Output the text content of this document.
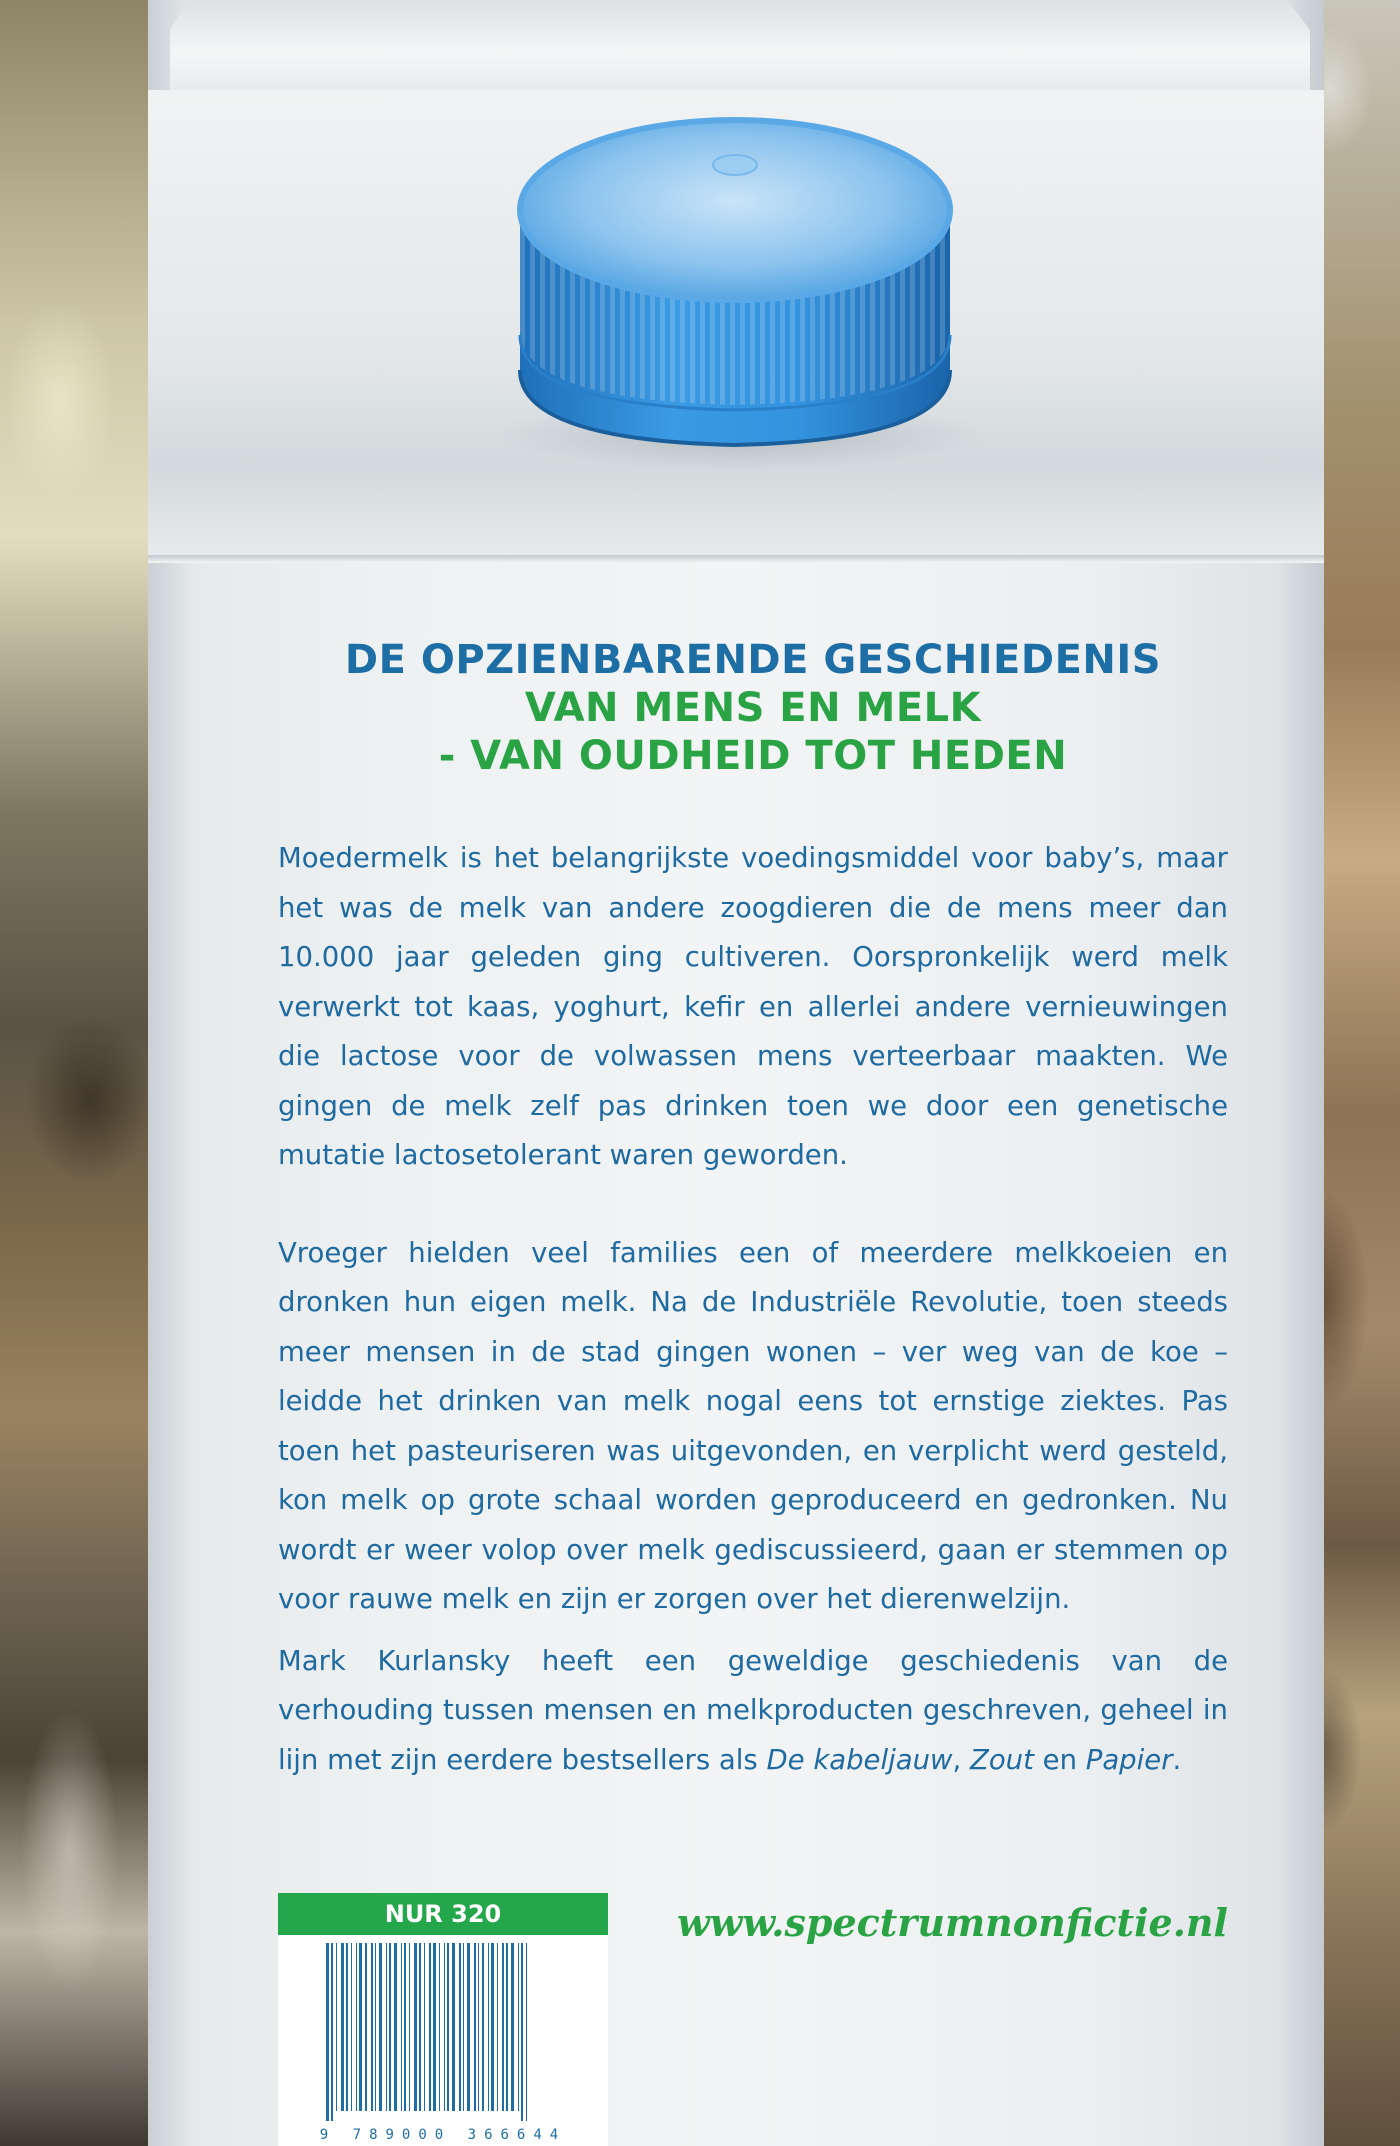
DE OPZIENBARENDE GESCHIEDENIS
VAN MENS EN MELK
- VAN OUDHEID TOT HEDEN

Moedermelk is het belangrijkste voedingsmiddel voor baby’s, maar het was de melk van andere zoogdieren die de mens meer dan 10.000 jaar geleden ging cultiveren. Oorspronkelijk werd melk verwerkt tot kaas, yoghurt, kefir en allerlei andere vernieuwingen die lactose voor de volwassen mens verteerbaar maakten. We gingen de melk zelf pas drinken toen we door een genetische mutatie lactosetolerant waren geworden.

Vroeger hielden veel families een of meerdere melkkoeien en dronken hun eigen melk. Na de Industriële Revolutie, toen steeds meer mensen in de stad gingen wonen – ver weg van de koe – leidde het drinken van melk nogal eens tot ernstige ziektes. Pas toen het pasteuriseren was uitgevonden, en verplicht werd gesteld, kon melk op grote schaal worden geproduceerd en gedronken. Nu wordt er weer volop over melk gediscussieerd, gaan er stemmen op voor rauwe melk en zijn er zorgen over het dierenwelzijn.

Mark Kurlansky heeft een geweldige geschiedenis van de verhouding tussen mensen en melkproducten geschreven, geheel in lijn met zijn eerdere bestsellers als De kabeljauw, Zout en Papier.

NUR 320
9 789000 366644
www.spectrumnonfictie.nl
